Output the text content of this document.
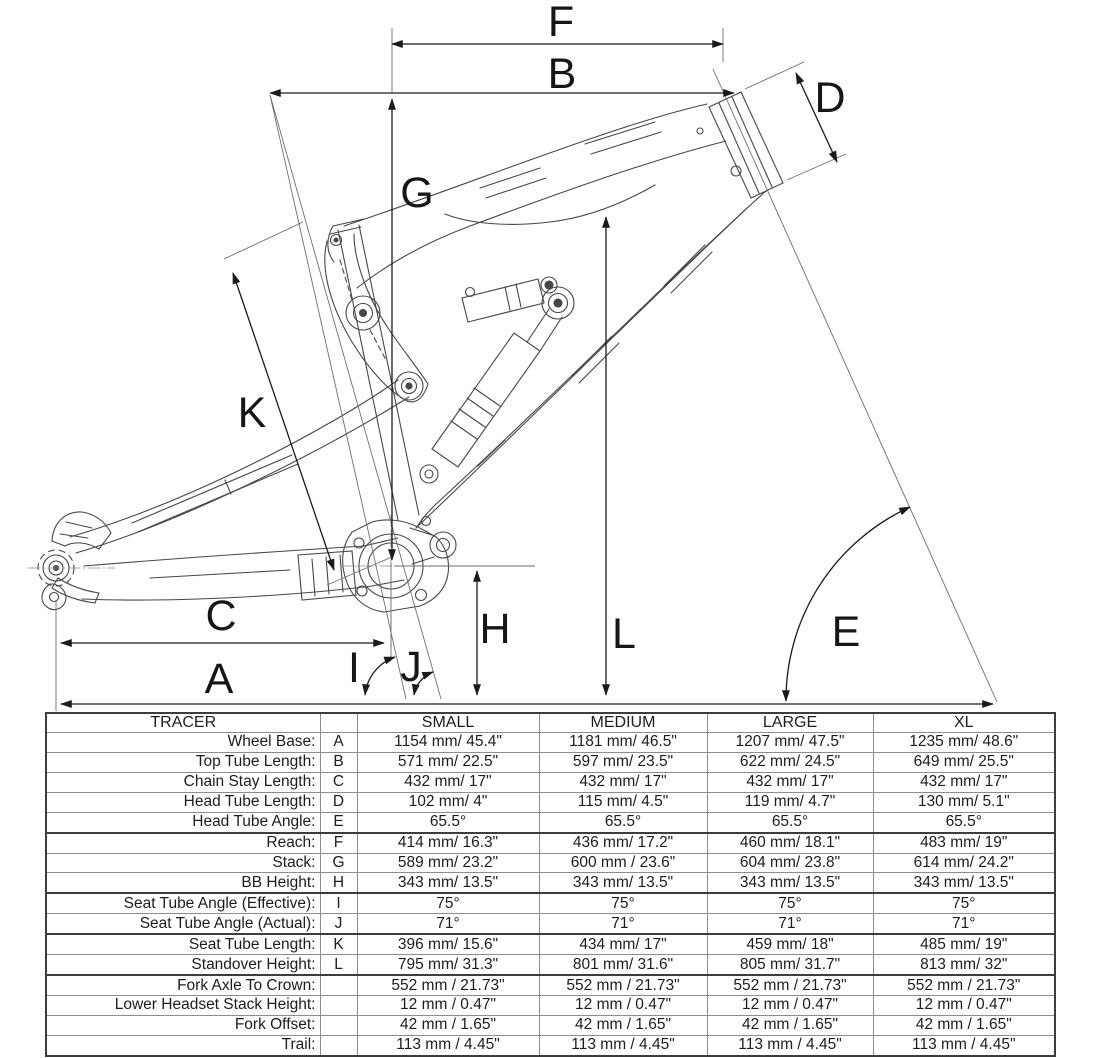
A
B
C
D
E
F
G
H
I J
K
L
TRACER		SMALL	MEDIUM	LARGE	XL
Wheel Base:	A	1154 mm/ 45.4"	1181 mm/ 46.5"	1207 mm/ 47.5"	1235 mm/ 48.6"
Top Tube Length:	B	571 mm/ 22.5"	597 mm/ 23.5"	622 mm/ 24.5"	649 mm/ 25.5"
Chain Stay Length:	C	432 mm/ 17"	432 mm/ 17"	432 mm/ 17"	432 mm/ 17"
Head Tube Length:	D	102 mm/ 4"	115 mm/ 4.5"	119 mm/ 4.7"	130 mm/ 5.1"
Head Tube Angle:	E	65.5°	65.5°	65.5°	65.5°
Reach:	F	414 mm/ 16.3"	436 mm/ 17.2"	460 mm/ 18.1"	483 mm/ 19"
Stack:	G	589 mm/ 23.2"	600 mm / 23.6"	604 mm/ 23.8"	614 mm/ 24.2"
BB Height:	H	343 mm/ 13.5"	343 mm/ 13.5"	343 mm/ 13.5"	343 mm/ 13.5"
Seat Tube Angle (Effective):	I	75°	75°	75°	75°
Seat Tube Angle (Actual):	J	71°	71°	71°	71°
Seat Tube Length:	K	396 mm/ 15.6"	434 mm/ 17"	459 mm/ 18"	485 mm/ 19"
Standover Height:	L	795 mm/ 31.3"	801 mm/ 31.6"	805 mm/ 31.7"	813 mm/ 32"
Fork Axle To Crown:		552 mm / 21.73"	552 mm / 21.73"	552 mm / 21.73"	552 mm / 21.73"
Lower Headset Stack Height:		12 mm / 0.47"	12 mm / 0.47"	12 mm / 0.47"	12 mm / 0.47"
Fork Offset:		42 mm / 1.65"	42 mm / 1.65"	42 mm / 1.65"	42 mm / 1.65"
Trail:		113 mm / 4.45"	113 mm / 4.45"	113 mm / 4.45"	113 mm / 4.45"
